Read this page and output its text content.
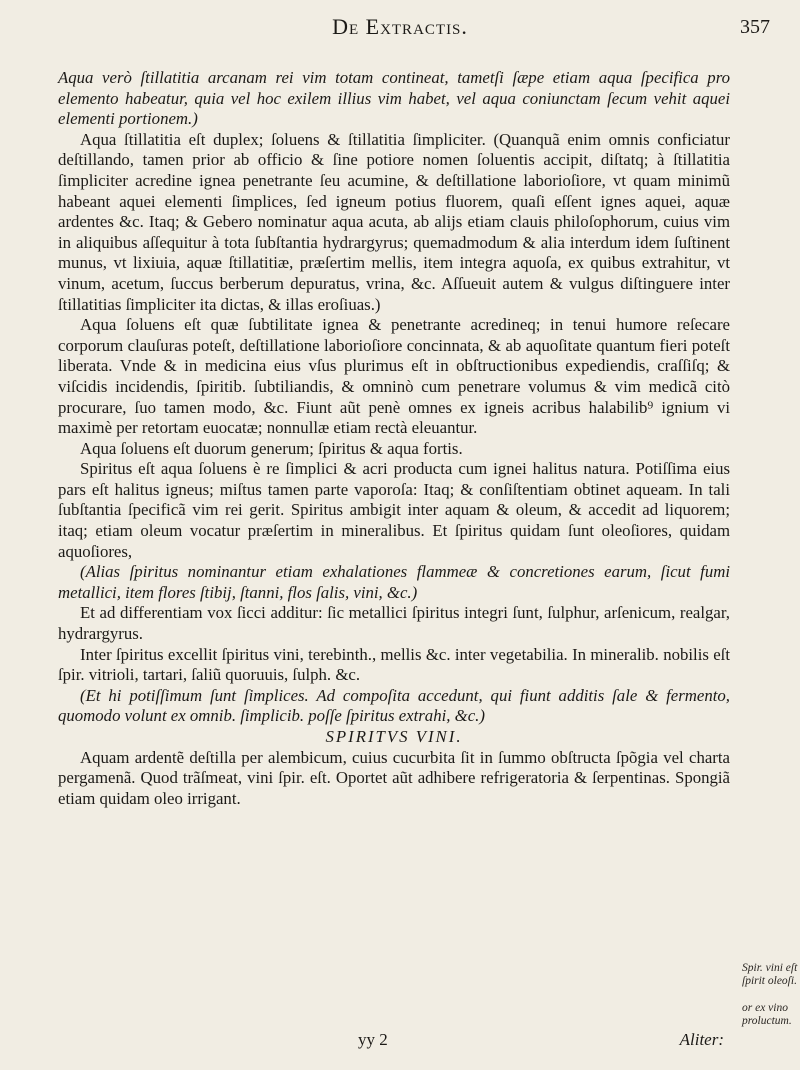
De Extractis.	357

Aqua verò ſtillatitia arcanam rei vim totam contineat, tametſi ſæpe etiam aqua ſpecifica pro elemento habeatur, quia vel hoc exilem illius vim habet, vel aqua coniunctam ſecum vehit aquei elementi portionem.)

Aqua ſtillatitia eſt duplex; ſoluens & ſtillatitia ſimpliciter. (Quanquã enim omnis conficiatur deſtillando, tamen prior ab officio & ſine potiore nomen ſoluentis accipit, diſtatq; à ſtillatitia ſimpliciter acredine ignea penetrante ſeu acumine, & deſtillatione laborioſiore, vt quam minimũ habeant aquei elementi ſimplices, ſed igneum potius fluorem, quaſi eſſent ignes aquei, aquæ ardentes &c. Itaq; & Gebero nominatur aqua acuta, ab alijs etiam clauis philoſophorum, cuius vim in aliquibus aſſequitur à tota ſubſtantia hydrargyrus; quemadmodum & alia interdum idem ſuſtinent munus, vt lixiuia, aquæ ſtillatitiæ, præſertim mellis, item integra aquoſa, ex quibus extrahitur, vt vinum, acetum, ſuccus berberum depuratus, vrina, &c. Aſſueuit autem & vulgus diſtinguere inter ſtillatitias ſimpliciter ita dictas, & illas eroſiuas.)

Aqua ſoluens eſt quæ ſubtilitate ignea & penetrante acredineq; in tenui humore reſecare corporum clauſuras poteſt, deſtillatione laborioſiore concinnata, & ab aquoſitate quantum fieri poteſt liberata. Vnde & in medicina eius vſus plurimus eſt in obſtructionibus expediendis, craſſiſq; & viſcidis incidendis, ſpiritib. ſubtiliandis, & omninò cum penetrare volumus & vim medicã citò procurare, ſuo tamen modo, &c. Fiunt aũt penè omnes ex igneis acribus halabilib⁹ ignium vi maximè per retortam euocatæ; nonnullæ etiam rectà eleuantur.

Aqua ſoluens eſt duorum generum; ſpiritus & aqua fortis.

Spiritus eſt aqua ſoluens è re ſimplici & acri producta cum ignei halitus natura. Potiſſima eius pars eſt halitus igneus; miſtus tamen parte vaporoſa: Itaq; & conſiſtentiam obtinet aqueam. In tali ſubſtantia ſpecificã vim rei gerit. Spiritus ambigit inter aquam & oleum, & accedit ad liquorem; itaq; etiam oleum vocatur præſertim in mineralibus. Et ſpiritus quidam ſunt oleoſiores, quidam aquoſiores,

(Alias ſpiritus nominantur etiam exhalationes flammeæ & concretiones earum, ſicut fumi metallici, item flores ſtibij, ſtanni, flos ſalis, vini, &c.)

Et ad differentiam vox ſicci additur: ſic metallici ſpiritus integri ſunt, ſulphur, arſenicum, realgar, hydrargyrus.

Inter ſpiritus excellit ſpiritus vini, terebinth., mellis &c. inter vegetabilia. In mineralib. nobilis eſt ſpir. vitrioli, tartari, ſaliũ quoruuis, ſulph. &c.

(Et hi potiſſimum ſunt ſimplices. Ad compoſita accedunt, qui fiunt additis ſale & fermento, quomodo volunt ex omnib. ſimplicib. poſſe ſpiritus extrahi, &c.)

SPIRITVS VINI.

Aquam ardentẽ deſtilla per alembicum, cuius cucurbita ſit in ſummo obſtructa ſpõgia vel charta pergamenã. Quod trãſmeat, vini ſpir. eſt. Oportet aũt adhibere refrigeratoria & ſerpentinas. Spongiã etiam quidam oleo irrigant.

Spir. vini eſt ſpirit oleoſi.
or ex vino proluctum.
yy 2	Aliter:
